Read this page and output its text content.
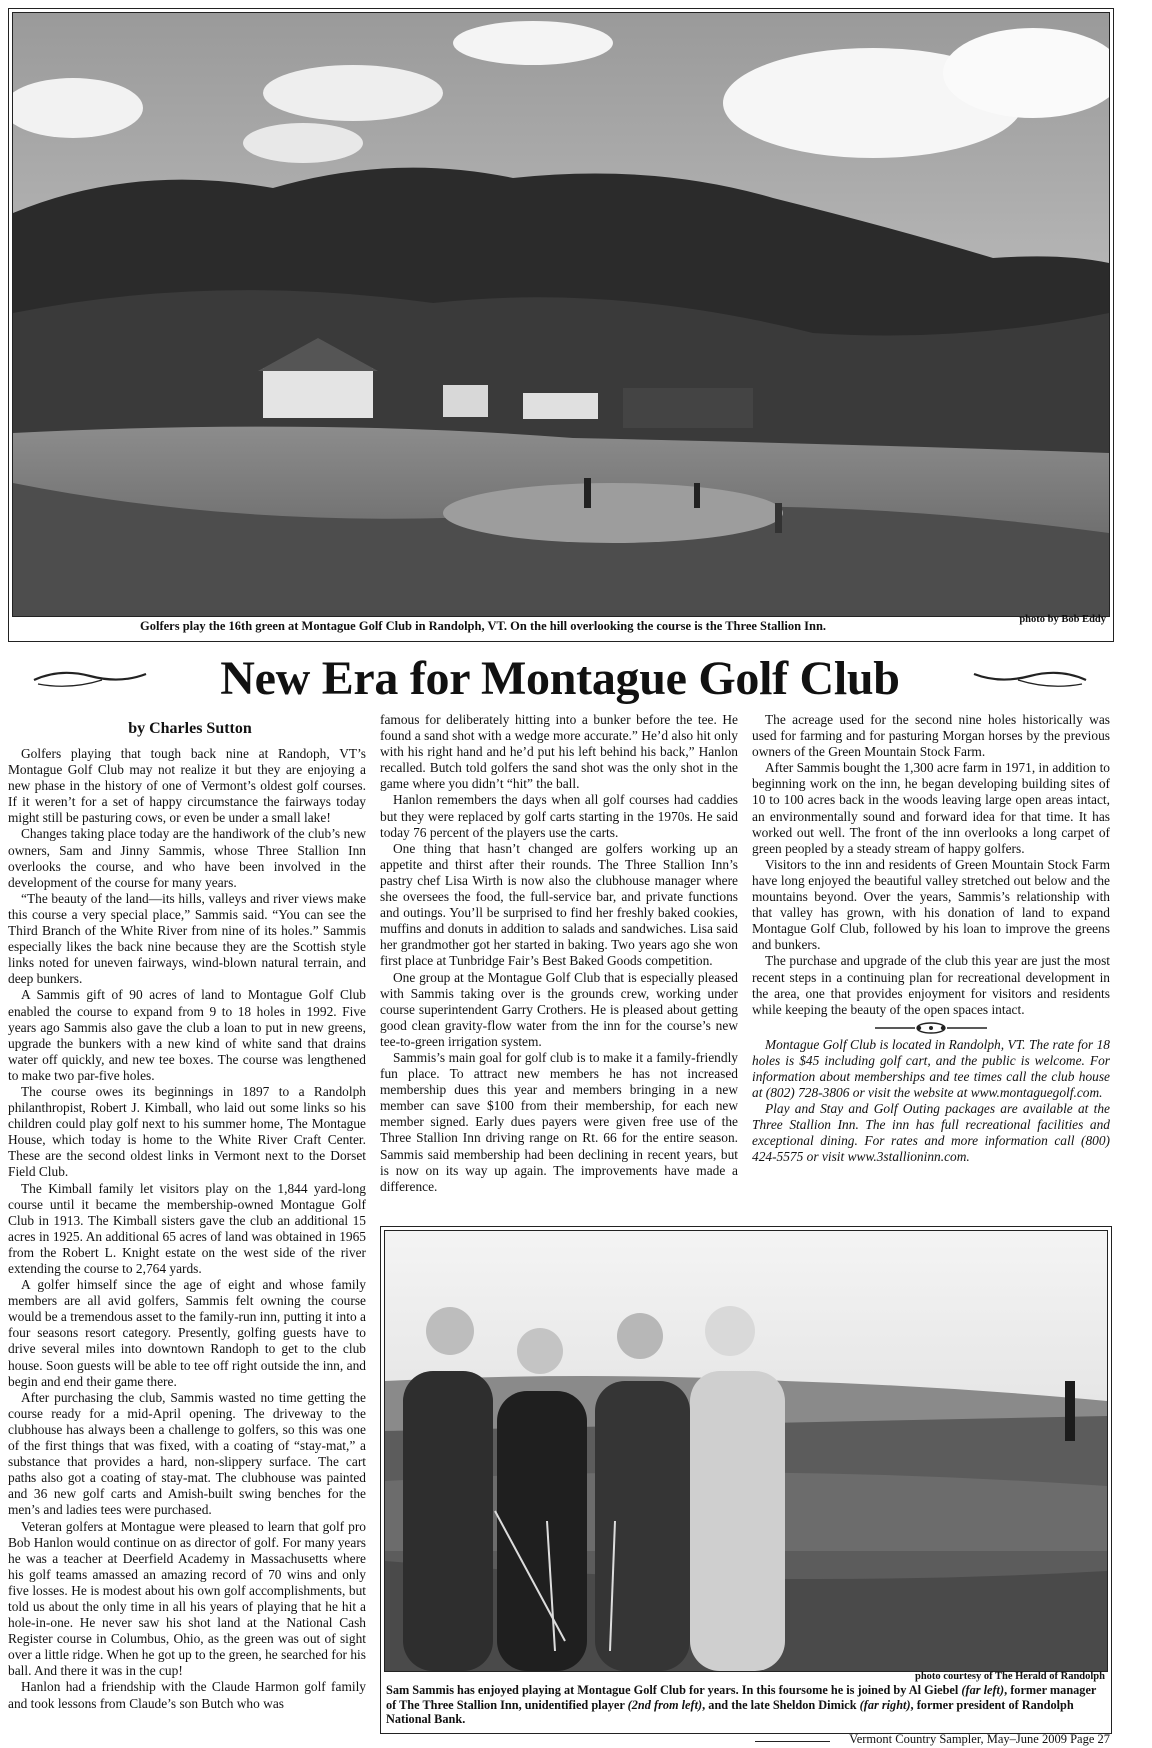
Golfers play the 16th green at Montague Golf Club in Randolph, VT. On the hill overlooking the course is the Three Stallion Inn.	photo by Bob Eddy
New Era for Montague Golf Club
by Charles Sutton

Golfers playing that tough back nine at Randoph, VT’s Montague Golf Club may not realize it but they are enjoying a new phase in the history of one of Vermont’s oldest golf courses. If it weren’t for a set of happy circumstance the fairways today might still be pasturing cows, or even be under a small lake!

Changes taking place today are the handiwork of the club’s new owners, Sam and Jinny Sammis, whose Three Stallion Inn overlooks the course, and who have been involved in the development of the course for many years.

“The beauty of the land—its hills, valleys and river views make this course a very special place,” Sammis said. “You can see the Third Branch of the White River from nine of its holes.” Sammis especially likes the back nine because they are the Scottish style links noted for uneven fairways, wind-blown natural terrain, and deep bunkers.

A Sammis gift of 90 acres of land to Montague Golf Club enabled the course to expand from 9 to 18 holes in 1992. Five years ago Sammis also gave the club a loan to put in new greens, upgrade the bunkers with a new kind of white sand that drains water off quickly, and new tee boxes. The course was lengthened to make two par-five holes.

The course owes its beginnings in 1897 to a Randolph philanthropist, Robert J. Kimball, who laid out some links so his children could play golf next to his summer home, The Montague House, which today is home to the White River Craft Center. These are the second oldest links in Vermont next to the Dorset Field Club.

The Kimball family let visitors play on the 1,844 yard-long course until it became the membership-owned Montague Golf Club in 1913. The Kimball sisters gave the club an additional 15 acres in 1925. An additional 65 acres of land was obtained in 1965 from the Robert L. Knight estate on the west side of the river extending the course to 2,764 yards.

A golfer himself since the age of eight and whose family members are all avid golfers, Sammis felt owning the course would be a tremendous asset to the family-run inn, putting it into a four seasons resort category. Presently, golfing guests have to drive several miles into downtown Randoph to get to the club house. Soon guests will be able to tee off right outside the inn, and begin and end their game there.

After purchasing the club, Sammis wasted no time getting the course ready for a mid-April opening. The driveway to the clubhouse has always been a challenge to golfers, so this was one of the first things that was fixed, with a coating of “stay-mat,” a substance that provides a hard, non-slippery surface. The cart paths also got a coating of stay-mat. The clubhouse was painted and 36 new golf carts and Amish-built swing benches for the men’s and ladies tees were purchased.

Veteran golfers at Montague were pleased to learn that golf pro Bob Hanlon would continue on as director of golf. For many years he was a teacher at Deerfield Academy in Massachusetts where his golf teams amassed an amazing record of 70 wins and only five losses. He is modest about his own golf accomplishments, but told us about the only time in all his years of playing that he hit a hole-in-one. He never saw his shot land at the National Cash Register course in Columbus, Ohio, as the green was out of sight over a little ridge. When he got up to the green, he searched for his ball. And there it was in the cup!

Hanlon had a friendship with the Claude Harmon golf family and took lessons from Claude’s son Butch who was

famous for deliberately hitting into a bunker before the tee. He found a sand shot with a wedge more accurate.” He’d also hit only with his right hand and he’d put his left behind his back,” Hanlon recalled. Butch told golfers the sand shot was the only shot in the game where you didn’t “hit” the ball.

Hanlon remembers the days when all golf courses had caddies but they were replaced by golf carts starting in the 1970s. He said today 76 percent of the players use the carts.

One thing that hasn’t changed are golfers working up an appetite and thirst after their rounds. The Three Stallion Inn’s pastry chef Lisa Wirth is now also the clubhouse manager where she oversees the food, the full-service bar, and private functions and outings. You’ll be surprised to find her freshly baked cookies, muffins and donuts in addition to salads and sandwiches. Lisa said her grandmother got her started in baking. Two years ago she won first place at Tunbridge Fair’s Best Baked Goods competition.

One group at the Montague Golf Club that is especially pleased with Sammis taking over is the grounds crew, working under course superintendent Garry Crothers. He is pleased about getting good clean gravity-flow water from the inn for the course’s new tee-to-green irrigation system.

Sammis’s main goal for golf club is to make it a family-friendly fun place. To attract new members he has not increased membership dues this year and members bringing in a new member can save $100 from their membership, for each new member signed. Early dues payers were given free use of the Three Stallion Inn driving range on Rt. 66 for the entire season. Sammis said membership had been declining in recent years, but is now on its way up again. The improvements have made a difference.

The acreage used for the second nine holes historically was used for farming and for pasturing Morgan horses by the previous owners of the Green Mountain Stock Farm.

After Sammis bought the 1,300 acre farm in 1971, in addition to beginning work on the inn, he began developing building sites of 10 to 100 acres back in the woods leaving large open areas intact, an environmentally sound and forward idea for that time. It has worked out well. The front of the inn overlooks a long carpet of green peopled by a steady stream of happy golfers.

Visitors to the inn and residents of Green Mountain Stock Farm have long enjoyed the beautiful valley stretched out below and the mountains beyond. Over the years, Sammis’s relationship with that valley has grown, with his donation of land to expand Montague Golf Club, followed by his loan to improve the greens and bunkers.

The purchase and upgrade of the club this year are just the most recent steps in a continuing plan for recreational development in the area, one that provides enjoyment for visitors and residents while keeping the beauty of the open spaces intact.

Montague Golf Club is located in Randolph, VT. The rate for 18 holes is $45 including golf cart, and the public is welcome. For information about memberships and tee times call the club house at (802) 728-3806 or visit the website at www.montaguegolf.com.

Play and Stay and Golf Outing packages are available at the Three Stallion Inn. The inn has full recreational facilities and exceptional dining. For rates and more information call (800) 424-5575 or visit www.3stallioninn.com.

photo courtesy of The Herald of Randolph
Sam Sammis has enjoyed playing at Montague Golf Club for years. In this foursome he is joined by Al Giebel (far left), former manager of The Three Stallion Inn, unidentified player (2nd from left), and the late Sheldon Dimick (far right), former president of Randolph National Bank.
Vermont Country Sampler, May–June 2009 Page 27
